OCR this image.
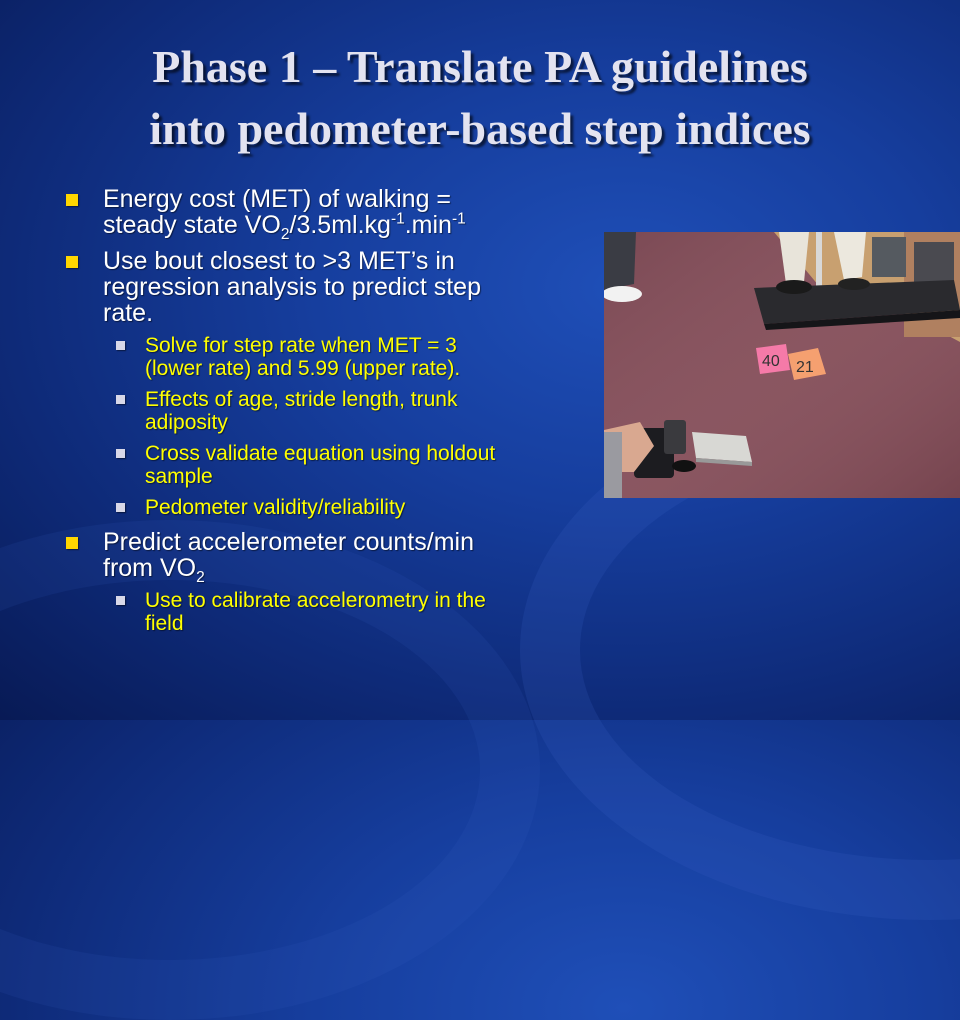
Phase 1 – Translate PA guidelines
into pedometer-based step indices
Energy cost (MET) of walking =
steady state $VO_2/3.5ml.kg^{-1}.\min^{-1}$
Use bout closest to >3 MET’s in
regression analysis to predict step
rate.
Solve for step rate when MET = 3
(lower rate) and 5.99 (upper rate).
Effects of age, stride length, trunk
adiposity
Cross validate equation using holdout
sample
Pedometer validity/reliability
Predict accelerometer counts/min
from $VO_2$
Use to calibrate accelerometry in the
field
40 21
